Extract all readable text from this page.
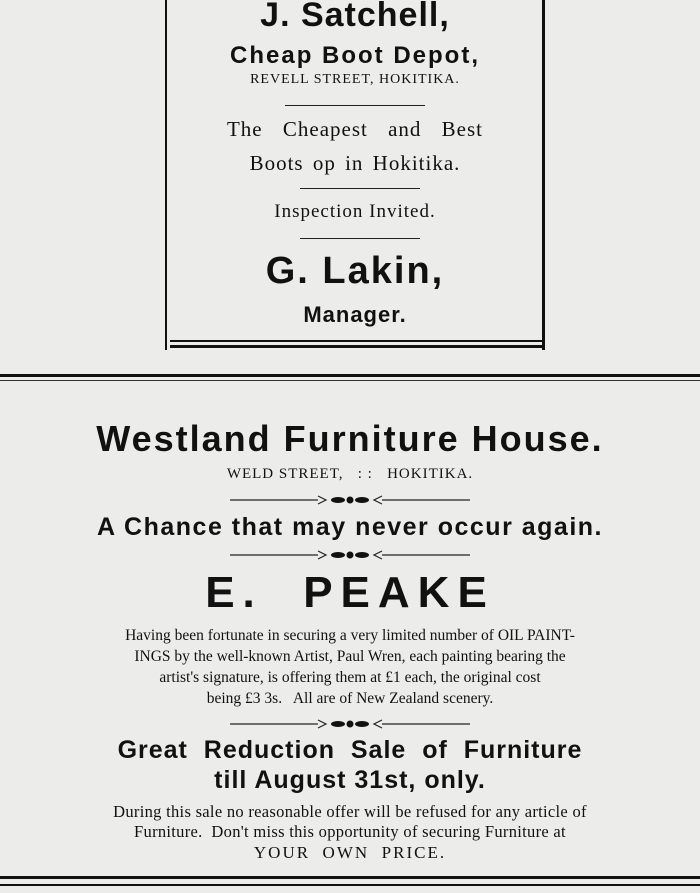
J. Satchell,
Cheap Boot Depot,
REVELL STREET, HOKITIKA.
The Cheapest and Best
Boots op in Hokitika.
Inspection Invited.
G. Lakin,
Manager.
Westland Furniture House.
WELD STREET,   : :   HOKITIKA.
A Chance that may never occur again.
E.  PEAKE
Having been fortunate in securing a very limited number of OIL PAINT-
INGS by the well-known Artist, Paul Wren, each painting bearing the
artist's signature, is offering them at £1 each, the original cost
being £3 3s.   All are of New Zealand scenery.
Great  Reduction  Sale  of  Furniture
till August 31st, only.
During this sale no reasonable offer will be refused for any article of
Furniture.  Don't miss this opportunity of securing Furniture at
YOUR  OWN  PRICE.
